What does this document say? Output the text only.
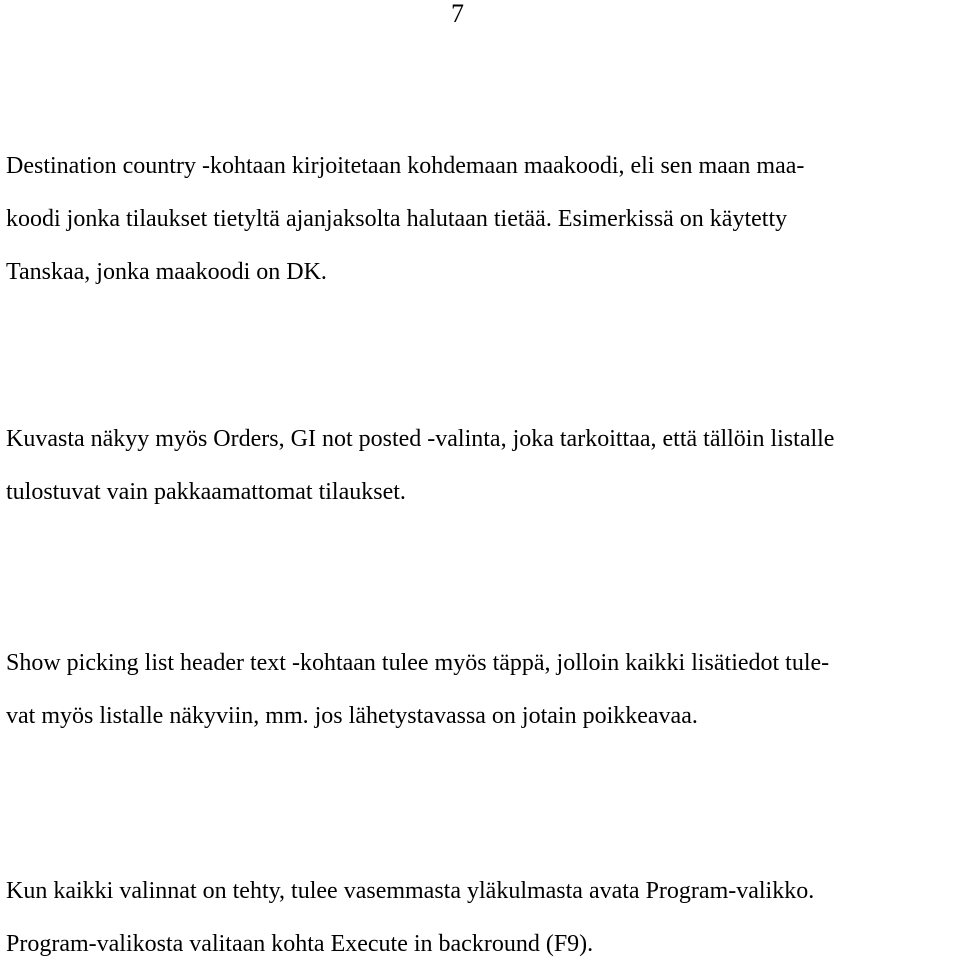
7
Destination country -kohtaan kirjoitetaan kohdemaan maakoodi, eli sen maan maa-
koodi jonka tilaukset tietyltä ajanjaksolta halutaan tietää. Esimerkissä on käytetty
Tanskaa, jonka maakoodi on DK.
Kuvasta näkyy myös Orders, GI not posted -valinta, joka tarkoittaa, että tällöin listalle
tulostuvat vain pakkaamattomat tilaukset.
Show picking list header text -kohtaan tulee myös täppä, jolloin kaikki lisätiedot tule-
vat myös listalle näkyviin, mm. jos lähetystavassa on jotain poikkeavaa.
Kun kaikki valinnat on tehty, tulee vasemmasta yläkulmasta avata Program-valikko.
Program-valikosta valitaan kohta Execute in backround (F9).
